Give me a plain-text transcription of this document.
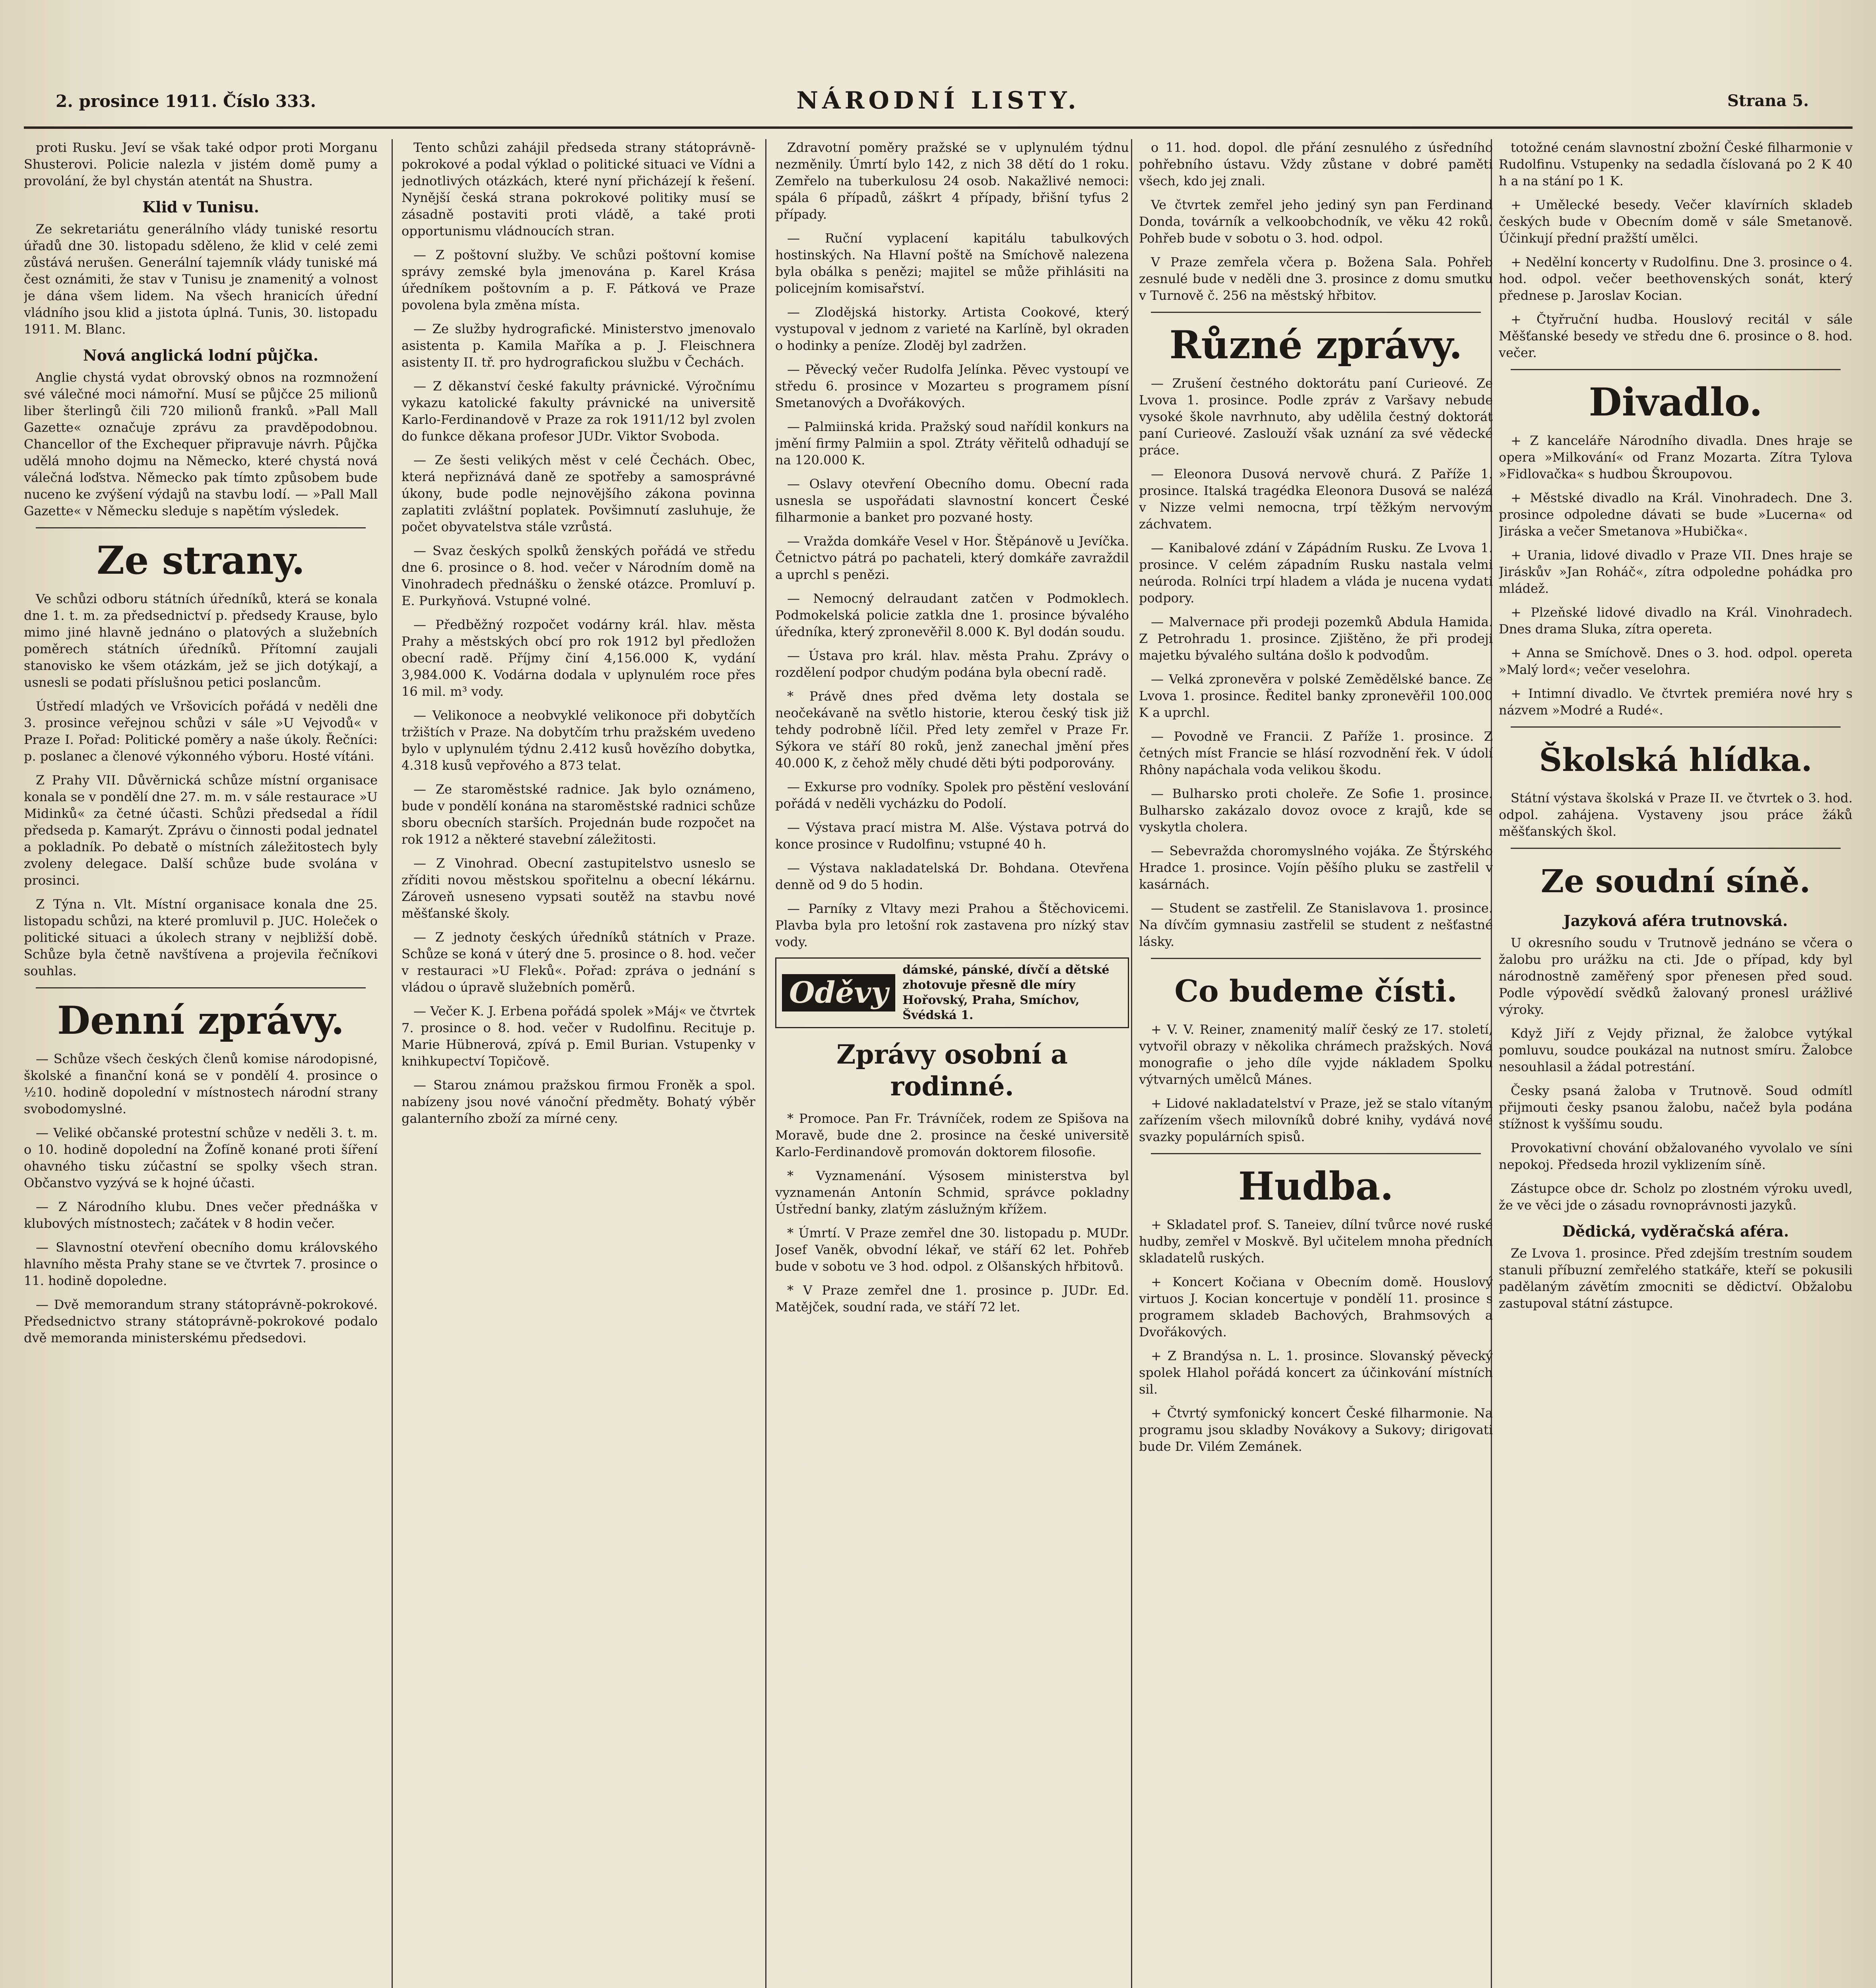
2. prosince 1911. Číslo 333.	NÁRODNÍ LISTY.	Strana 5.

proti Rusku. Jeví se však také odpor proti Morganu Shusterovi. Policie nalezla v jistém domě pumy a provolání, že byl chystán atentát na Shustra.

Klid v Tunisu.

Ze sekretariátu generálního vlády tuniské resortu úřadů dne 30. listopadu sděleno, že klid v celé zemi zůstává nerušen. Generální tajemník vlády tuniské má čest oznámiti, že stav v Tunisu je znamenitý a volnost je dána všem lidem. Na všech hranicích úřední vládního jsou klid a jistota úplná. Tunis, 30. listopadu 1911. M. Blanc.

Nová anglická lodní půjčka.

Anglie chystá vydat obrovský obnos na rozmnožení své válečné moci námořní. Musí se půjčce 25 milionů liber šterlingů čili 720 milionů franků. »Pall Mall Gazette« označuje zprávu za pravděpodobnou. Chancellor of the Exchequer připravuje návrh. Půjčka udělá mnoho dojmu na Německo, které chystá nová válečná loďstva. Německo pak tímto způsobem bude nuceno ke zvýšení výdajů na stavbu lodí. — »Pall Mall Gazette« v Německu sleduje s napětím výsledek.

Ze strany.

Ve schůzi odboru státních úředníků, která se konala dne 1. t. m. za předsednictví p. předsedy Krause, bylo mimo jiné hlavně jednáno o platových a služebních poměrech státních úředníků. Přítomní zaujali stanovisko ke všem otázkám, jež se jich dotýkají, a usnesli se podati příslušnou petici poslancům.

Ústředí mladých ve Vršovicích pořádá v neděli dne 3. prosince veřejnou schůzi v sále »U Vejvodů« v Praze I. Pořad: Politické poměry a naše úkoly. Řečníci: p. poslanec a členové výkonného výboru. Hosté vítáni.

Z Prahy VII. Důvěrnická schůze místní organisace konala se v pondělí dne 27. m. m. v sále restaurace »U Midinků« za četné účasti. Schůzi předsedal a řídil předseda p. Kamarýt. Zprávu o činnosti podal jednatel a pokladník. Po debatě o místních záležitostech byly zvoleny delegace. Další schůze bude svolána v prosinci.

Z Týna n. Vlt. Místní organisace konala dne 25. listopadu schůzi, na které promluvil p. JUC. Holeček o politické situaci a úkolech strany v nejbližší době. Schůze byla četně navštívena a projevila řečníkovi souhlas.

Denní zprávy.

— Schůze všech českých členů komise národopisné, školské a finanční koná se v pondělí 4. prosince o ½10. hodině dopolední v místnostech národní strany svobodomyslné.

— Veliké občanské protestní schůze v neděli 3. t. m. o 10. hodině dopolední na Žofíně konané proti šíření ohavného tisku zúčastní se spolky všech stran. Občanstvo vyzývá se k hojné účasti.

— Z Národního klubu. Dnes večer přednáška v klubových místnostech; začátek v 8 hodin večer.

— Slavnostní otevření obecního domu královského hlavního města Prahy stane se ve čtvrtek 7. prosince o 11. hodině dopoledne.

— Dvě memorandum strany státoprávně-pokrokové. Předsednictvo strany státoprávně-pokrokové podalo dvě memoranda ministerskému předsedovi.

Tento schůzi zahájil předseda strany státoprávně-pokrokové a podal výklad o politické situaci ve Vídni a jednotlivých otázkách, které nyní přicházejí k řešení. Nynější česká strana pokrokové politiky musí se zásadně postaviti proti vládě, a také proti opportunismu vládnoucích stran.

— Z poštovní služby. Ve schůzi poštovní komise správy zemské byla jmenována p. Karel Krása úředníkem poštovním a p. F. Pátková ve Praze povolena byla změna místa.

— Ze služby hydrografické. Ministerstvo jmenovalo asistenta p. Kamila Maříka a p. J. Fleischnera asistenty II. tř. pro hydrografickou službu v Čechách.

— Z děkanství české fakulty právnické. Výročnímu vykazu katolické fakulty právnické na universitě Karlo-Ferdinandově v Praze za rok 1911/12 byl zvolen do funkce děkana profesor JUDr. Viktor Svoboda.

— Ze šesti velikých měst v celé Čechách. Obec, která nepřiznává daně ze spotřeby a samosprávné úkony, bude podle nejnovějšího zákona povinna zaplatiti zvláštní poplatek. Povšimnutí zasluhuje, že počet obyvatelstva stále vzrůstá.

— Svaz českých spolků ženských pořádá ve středu dne 6. prosince o 8. hod. večer v Národním domě na Vinohradech přednášku o ženské otázce. Promluví p. E. Purkyňová. Vstupné volné.

— Předběžný rozpočet vodárny král. hlav. města Prahy a městských obcí pro rok 1912 byl předložen obecní radě. Příjmy činí 4,156.000 K, vydání 3,984.000 K. Vodárna dodala v uplynulém roce přes 16 mil. m³ vody.

— Velikonoce a neobvyklé velikonoce při dobytčích tržištích v Praze. Na dobytčím trhu pražském uvedeno bylo v uplynulém týdnu 2.412 kusů hovězího dobytka, 4.318 kusů vepřového a 873 telat.

— Ze staroměstské radnice. Jak bylo oznámeno, bude v pondělí konána na staroměstské radnici schůze sboru obecních starších. Projednán bude rozpočet na rok 1912 a některé stavební záležitosti.

— Z Vinohrad. Obecní zastupitelstvo usneslo se zříditi novou městskou spořitelnu a obecní lékárnu. Zároveň usneseno vypsati soutěž na stavbu nové měšťanské školy.

— Z jednoty českých úředníků státních v Praze. Schůze se koná v úterý dne 5. prosince o 8. hod. večer v restauraci »U Fleků«. Pořad: zpráva o jednání s vládou o úpravě služebních poměrů.

— Večer K. J. Erbena pořádá spolek »Máj« ve čtvrtek 7. prosince o 8. hod. večer v Rudolfinu. Recituje p. Marie Hübnerová, zpívá p. Emil Burian. Vstupenky v knihkupectví Topičově.

— Starou známou pražskou firmou Froněk a spol. nabízeny jsou nové vánoční předměty. Bohatý výběr galanterního zboží za mírné ceny.

Zdravotní poměry pražské se v uplynulém týdnu nezměnily. Úmrtí bylo 142, z nich 38 dětí do 1 roku. Zemřelo na tuberkulosu 24 osob. Nakažlivé nemoci: spála 6 případů, záškrt 4 případy, břišní tyfus 2 případy.

— Ruční vyplacení kapitálu tabulkových hostinských. Na Hlavní poště na Smíchově nalezena byla obálka s penězi; majitel se může přihlásiti na policejním komisařství.

— Zlodějská historky. Artista Cookové, který vystupoval v jednom z varieté na Karlíně, byl okraden o hodinky a peníze. Zloděj byl zadržen.

— Pěvecký večer Rudolfa Jelínka. Pěvec vystoupí ve středu 6. prosince v Mozarteu s programem písní Smetanových a Dvořákových.

— Palmiinská krida. Pražský soud nařídil konkurs na jmění firmy Palmiin a spol. Ztráty věřitelů odhadují se na 120.000 K.

— Oslavy otevření Obecního domu. Obecní rada usnesla se uspořádati slavnostní koncert České filharmonie a banket pro pozvané hosty.

— Vražda domkáře Vesel v Hor. Štěpánově u Jevíčka. Četnictvo pátrá po pachateli, který domkáře zavraždil a uprchl s penězi.

— Nemocný delraudant zatčen v Podmoklech. Podmokelská policie zatkla dne 1. prosince bývalého úředníka, který zpronevěřil 8.000 K. Byl dodán soudu.

— Ústava pro král. hlav. města Prahu. Zprávy o rozdělení podpor chudým podána byla obecní radě.

* Právě dnes před dvěma lety dostala se neočekávaně na světlo historie, kterou český tisk již tehdy podrobně líčil. Před lety zemřel v Praze Fr. Sýkora ve stáří 80 roků, jenž zanechal jmění přes 40.000 K, z čehož měly chudé děti býti podporovány.

— Exkurse pro vodníky. Spolek pro pěstění veslování pořádá v neděli vycházku do Podolí.

— Výstava prací mistra M. Alše. Výstava potrvá do konce prosince v Rudolfinu; vstupné 40 h.

— Výstava nakladatelská Dr. Bohdana. Otevřena denně od 9 do 5 hodin.

— Parníky z Vltavy mezi Prahou a Štěchovicemi. Plavba byla pro letošní rok zastavena pro nízký stav vody.

Oděvy
dámské, pánské, dívčí a dětské zhotovuje přesně dle míry Hořovský, Praha, Smíchov, Švédská 1.
Zprávy osobní a rodinné.

* Promoce. Pan Fr. Trávníček, rodem ze Spišova na Moravě, bude dne 2. prosince na české universitě Karlo-Ferdinandově promován doktorem filosofie.

* Vyznamenání. Výsosem ministerstva byl vyznamenán Antonín Schmid, správce pokladny Ústřední banky, zlatým záslužným křížem.

* Úmrtí. V Praze zemřel dne 30. listopadu p. MUDr. Josef Vaněk, obvodní lékař, ve stáří 62 let. Pohřeb bude v sobotu ve 3 hod. odpol. z Olšanských hřbitovů.

* V Praze zemřel dne 1. prosince p. JUDr. Ed. Matějček, soudní rada, ve stáří 72 let.

o 11. hod. dopol. dle přání zesnulého z úsředního pohřebního ústavu. Vždy zůstane v dobré paměti všech, kdo jej znali.

Ve čtvrtek zemřel jeho jediný syn pan Ferdinand Donda, továrník a velkoobchodník, ve věku 42 roků. Pohřeb bude v sobotu o 3. hod. odpol.

V Praze zemřela včera p. Božena Sala. Pohřeb zesnulé bude v neděli dne 3. prosince z domu smutku v Turnově č. 256 na městský hřbitov.

Různé zprávy.

— Zrušení čestného doktorátu paní Curieové. Ze Lvova 1. prosince. Podle zpráv z Varšavy nebude vysoké škole navrhnuto, aby udělila čestný doktorát paní Curieové. Zaslouží však uznání za své vědecké práce.

— Eleonora Dusová nervově churá. Z Paříže 1. prosince. Italská tragédka Eleonora Dusová se nalézá v Nizze velmi nemocna, trpí těžkým nervovým záchvatem.

— Kanibalové zdání v Zápádním Rusku. Ze Lvova 1. prosince. V celém západním Rusku nastala velmi neúroda. Rolníci trpí hladem a vláda je nucena vydati podpory.

— Malvernace při prodeji pozemků Abdula Hamida. Z Petrohradu 1. prosince. Zjištěno, že při prodeji majetku bývalého sultána došlo k podvodům.

— Velká zpronevěra v polské Zemědělské bance. Ze Lvova 1. prosince. Ředitel banky zpronevěřil 100.000 K a uprchl.

— Povodně ve Francii. Z Paříže 1. prosince. Z četných míst Francie se hlásí rozvodnění řek. V údolí Rhôny napáchala voda velikou škodu.

— Bulharsko proti choleře. Ze Sofie 1. prosince. Bulharsko zakázalo dovoz ovoce z krajů, kde se vyskytla cholera.

— Sebevražda choromyslného vojáka. Ze Štýrského Hradce 1. prosince. Vojín pěšího pluku se zastřelil v kasárnách.

— Student se zastřelil. Ze Stanislavova 1. prosince. Na dívčím gymnasiu zastřelil se student z nešťastné lásky.

Co budeme čísti.

+ V. V. Reiner, znamenitý malíř český ze 17. století, vytvořil obrazy v několika chrámech pražských. Nová monografie o jeho díle vyjde nákladem Spolku výtvarných umělců Mánes.

+ Lidové nakladatelství v Praze, jež se stalo vítaným zařízením všech milovníků dobré knihy, vydává nové svazky populárních spisů.

Hudba.

+ Skladatel prof. S. Taneiev, dílní tvůrce nové ruské hudby, zemřel v Moskvě. Byl učitelem mnoha předních skladatelů ruských.

+ Koncert Kočiana v Obecním domě. Houslový virtuos J. Kocian koncertuje v pondělí 11. prosince s programem skladeb Bachových, Brahmsových a Dvořákových.

+ Z Brandýsa n. L. 1. prosince. Slovanský pěvecký spolek Hlahol pořádá koncert za účinkování místních sil.

+ Čtvrtý symfonický koncert České filharmonie. Na programu jsou skladby Novákovy a Sukovy; dirigovati bude Dr. Vilém Zemánek.

totožné cenám slavnostní zbožní České filharmonie v Rudolfinu. Vstupenky na sedadla číslovaná po 2 K 40 h a na stání po 1 K.

+ Umělecké besedy. Večer klavírních skladeb českých bude v Obecním domě v sále Smetanově. Účinkují přední pražští umělci.

+ Nedělní koncerty v Rudolfinu. Dne 3. prosince o 4. hod. odpol. večer beethovenských sonát, který přednese p. Jaroslav Kocian.

+ Čtyřruční hudba. Houslový recitál v sále Měšťanské besedy ve středu dne 6. prosince o 8. hod. večer.

Divadlo.

+ Z kanceláře Národního divadla. Dnes hraje se opera »Milkování« od Franz Mozarta. Zítra Tylova »Fidlovačka« s hudbou Škroupovou.

+ Městské divadlo na Král. Vinohradech. Dne 3. prosince odpoledne dávati se bude »Lucerna« od Jiráska a večer Smetanova »Hubička«.

+ Urania, lidové divadlo v Praze VII. Dnes hraje se Jiráskův »Jan Roháč«, zítra odpoledne pohádka pro mládež.

+ Plzeňské lidové divadlo na Král. Vinohradech. Dnes drama Sluka, zítra opereta.

+ Anna se Smíchově. Dnes o 3. hod. odpol. opereta »Malý lord«; večer veselohra.

+ Intimní divadlo. Ve čtvrtek premiéra nové hry s názvem »Modré a Rudé«.

Školská hlídka.

Státní výstava školská v Praze II. ve čtvrtek o 3. hod. odpol. zahájena. Vystaveny jsou práce žáků měšťanských škol.

Ze soudní síně.
Jazyková aféra trutnovská.

U okresního soudu v Trutnově jednáno se včera o žalobu pro urážku na cti. Jde o případ, kdy byl národnostně zaměřený spor přenesen před soud. Podle výpovědí svědků žalovaný pronesl urážlivé výroky.

Když Jiří z Vejdy přiznal, že žalobce vytýkal pomluvu, soudce poukázal na nutnost smíru. Žalobce nesouhlasil a žádal potrestání.

Česky psaná žaloba v Trutnově. Soud odmítl přijmouti česky psanou žalobu, načež byla podána stížnost k vyššímu soudu.

Provokativní chování obžalovaného vyvolalo ve síni nepokoj. Předseda hrozil vyklizením síně.

Zástupce obce dr. Scholz po zlostném výroku uvedl, že ve věci jde o zásadu rovnoprávnosti jazyků.

Dědická, vyděračská aféra.

Ze Lvova 1. prosince. Před zdejším trestním soudem stanuli příbuzní zemřelého statkáře, kteří se pokusili padělaným závětím zmocniti se dědictví. Obžalobu zastupoval státní zástupce.
